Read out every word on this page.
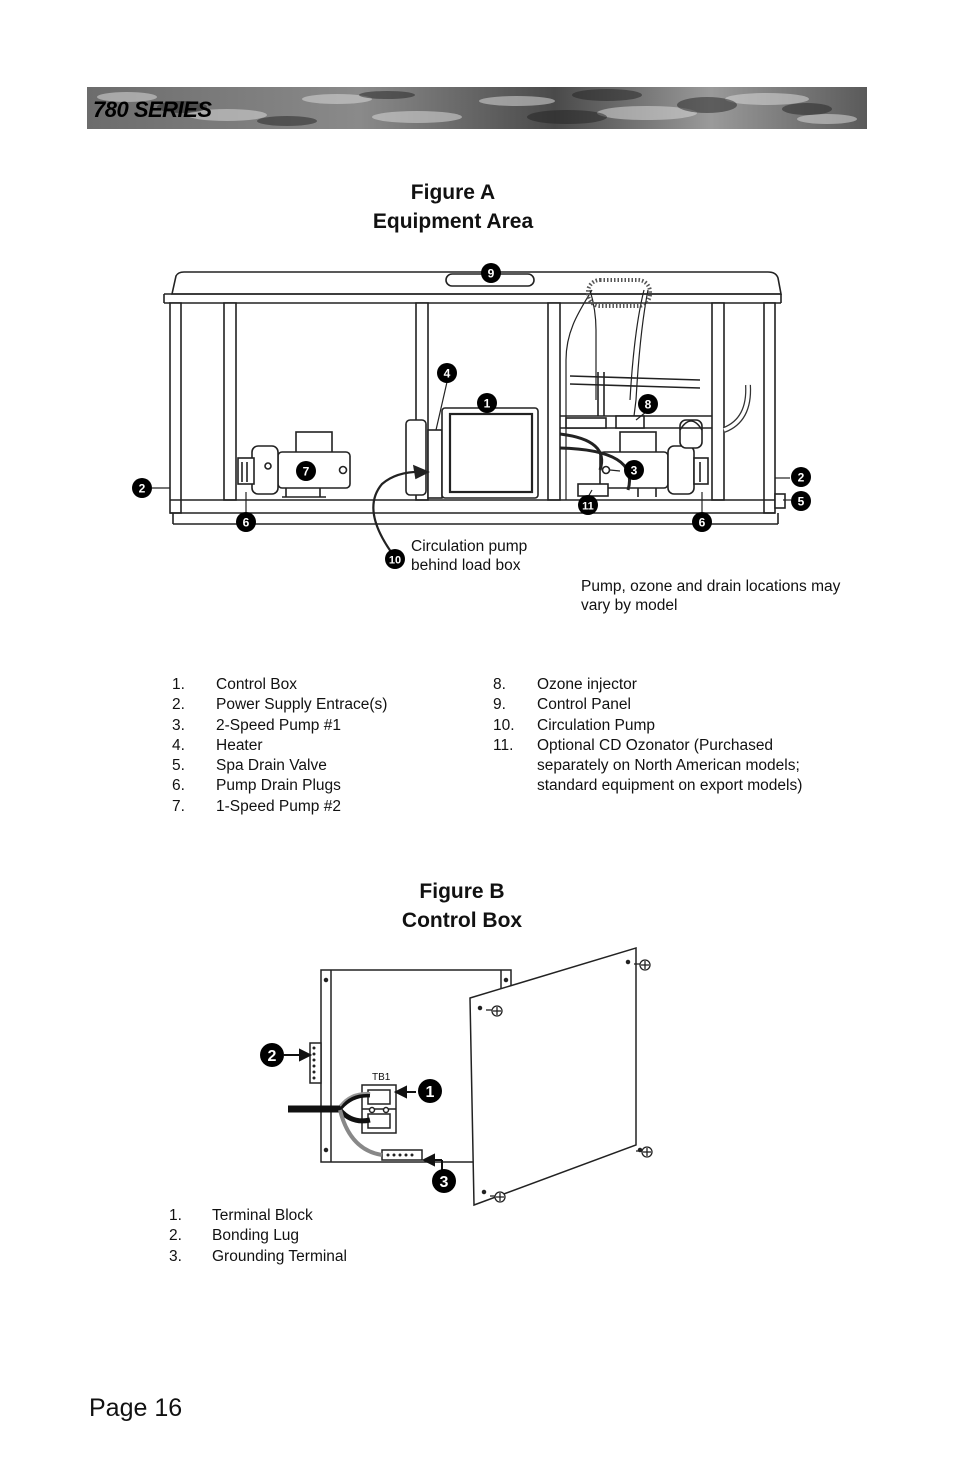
780 SERIES
Figure A
Equipment Area
9
4
1	8
3
7
2
2
5
11
6	6
10
Circulation pump
behind load box
Pump, ozone and drain locations may
vary by model
1.	Control Box
2.	Power Supply Entrace(s)
3.	2-Speed Pump #1
4.	Heater
5.	Spa Drain Valve
6.	Pump Drain Plugs
7.	1-Speed Pump #2
8.	Ozone injector
9.	Control Panel
10.	Circulation Pump
11.	Optional CD Ozonator (Purchased separately on North American models; standard equipment on export models)
Figure B
Control Box
TB1
2
1
3
1.	Terminal Block
2.	Bonding Lug
3.	Grounding Terminal
Page 16
